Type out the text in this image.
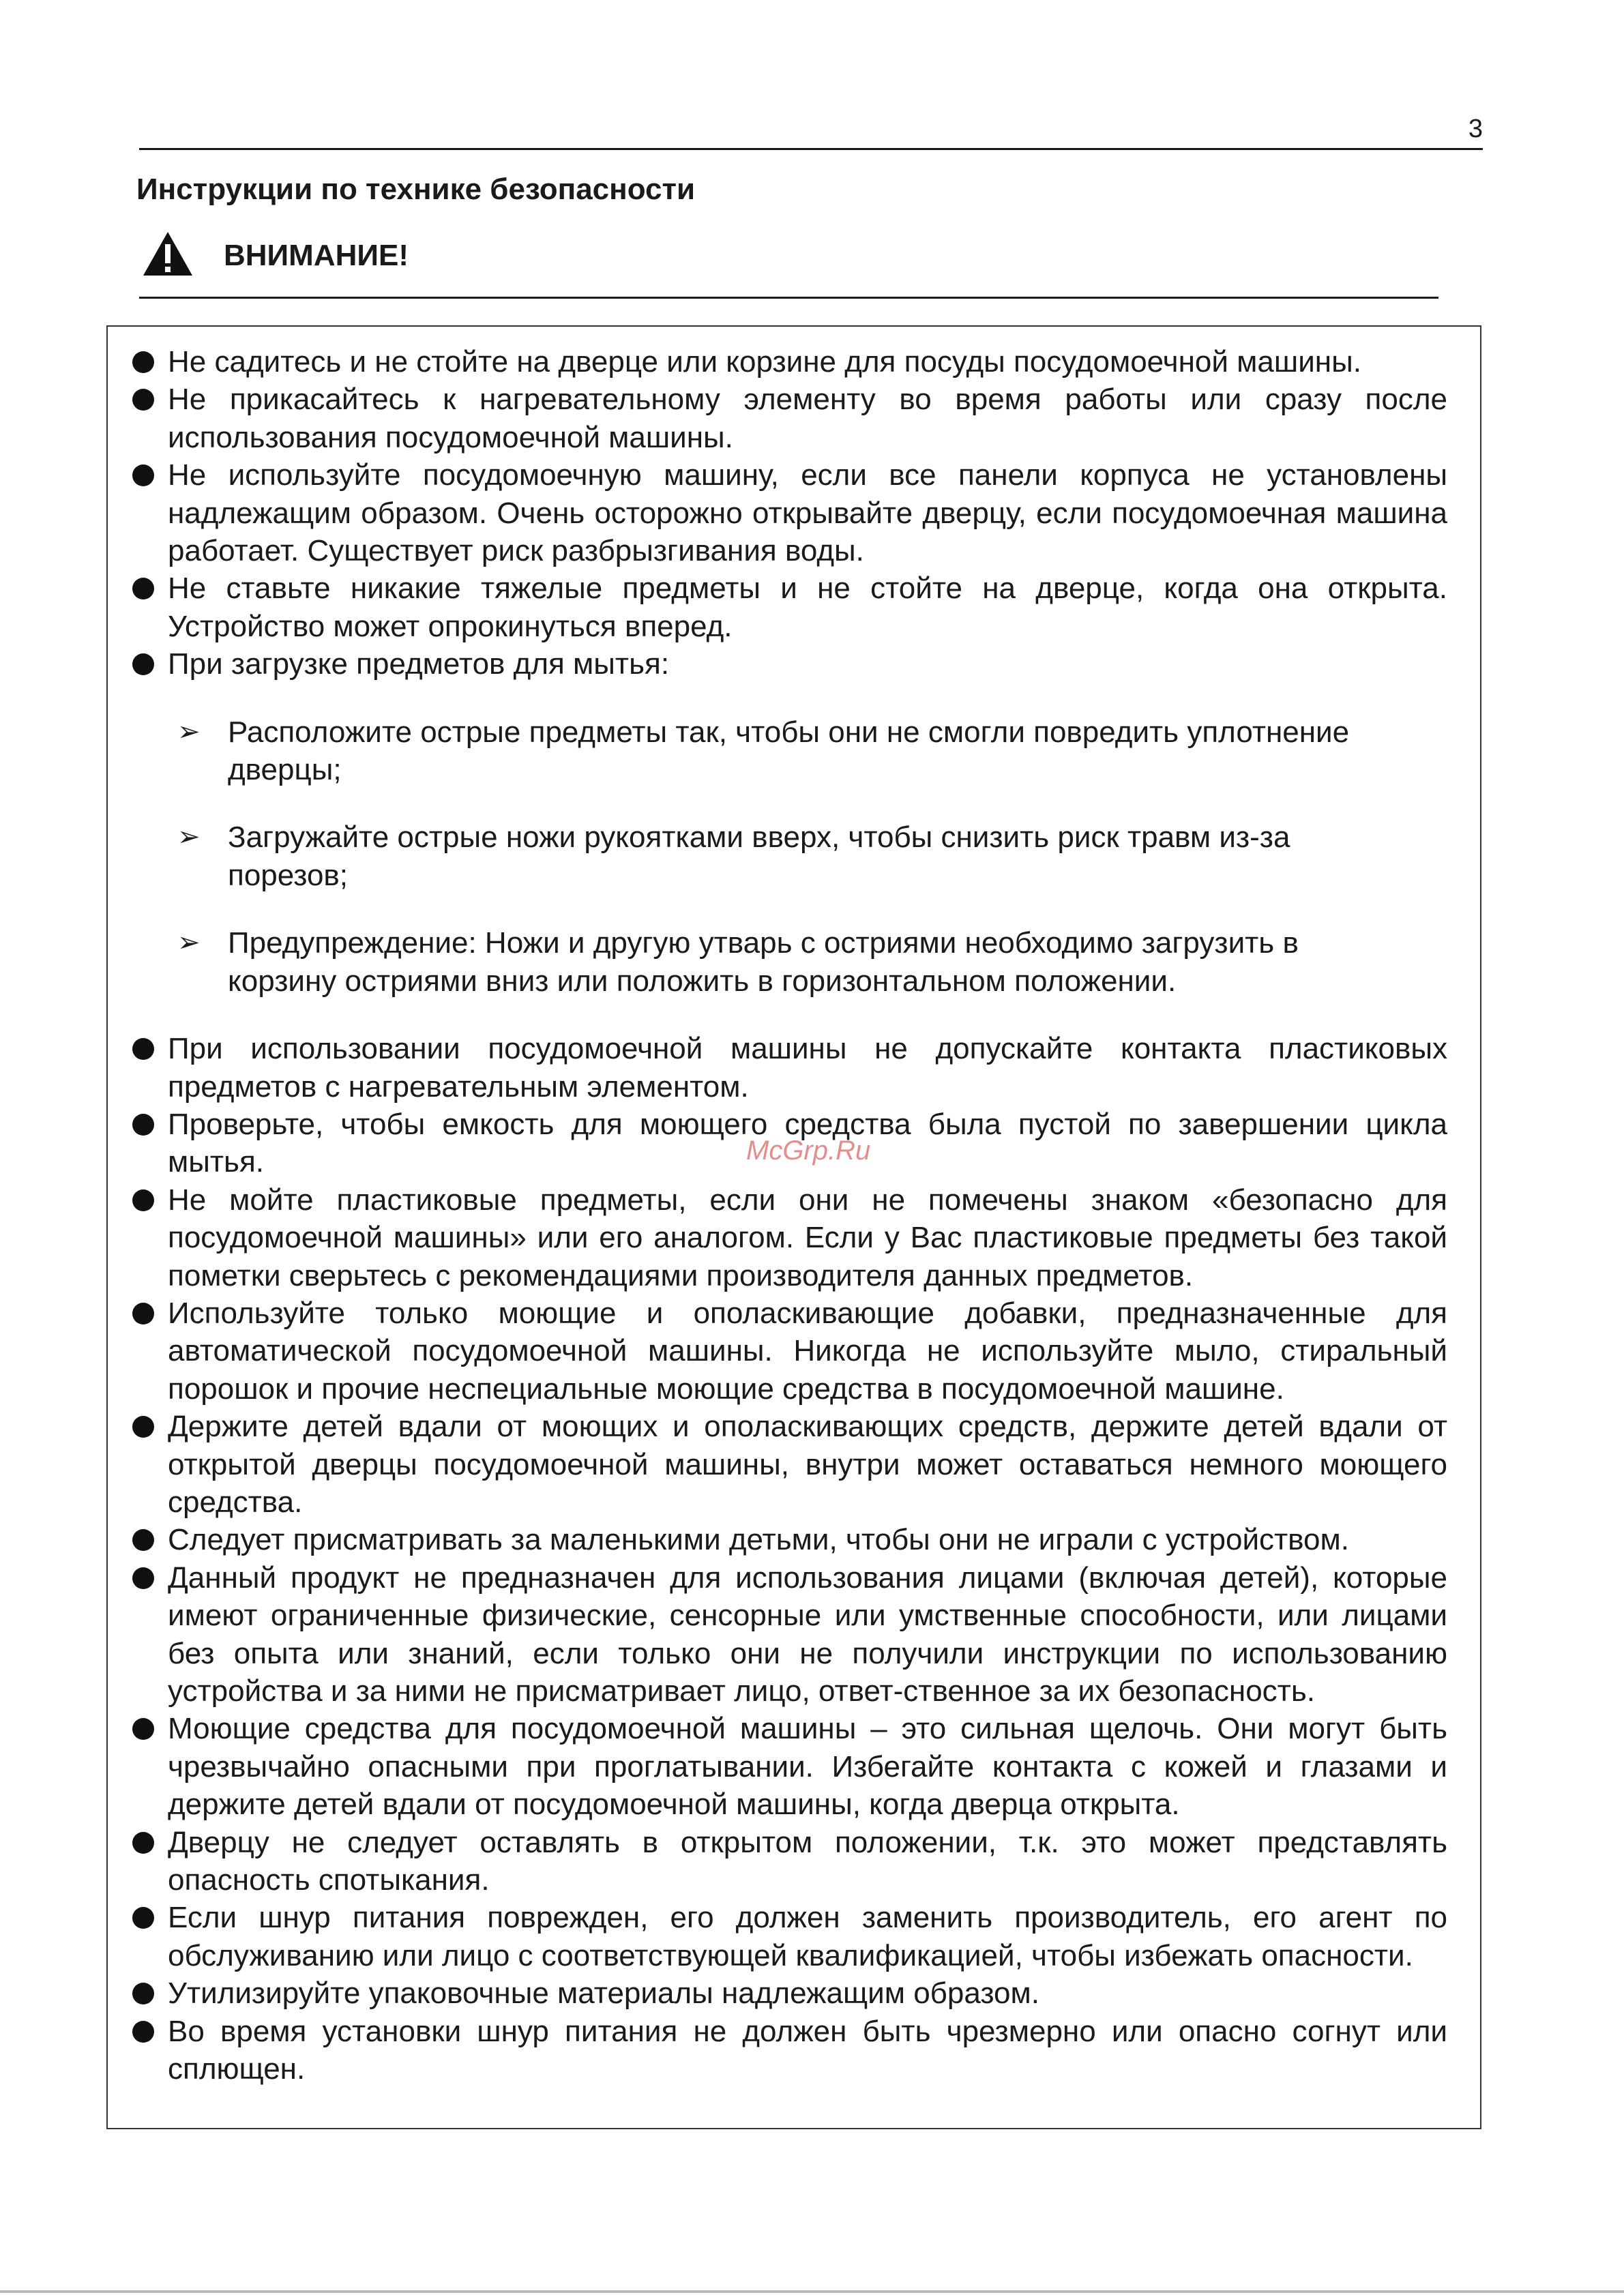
3
Инструкции по технике безопасности
ВНИМАНИЕ!

Не садитесь и не стойте на дверце или корзине для посуды посудомоечной машины.

Не прикасайтесь к нагревательному элементу во время работы или сразу после использования посудомоечной машины.

Не используйте посудомоечную машину, если все панели корпуса не установлены надлежащим образом. Очень осторожно открывайте дверцу, если посудомоечная машина работает. Существует риск разбрызгивания воды.

Не ставьте никакие тяжелые предметы и не стойте на дверце, когда она открыта. Устройство может опрокинуться вперед.

При загрузке предметов для мытья:

➢ Расположите острые предметы так, чтобы они не смогли повредить уплотнение дверцы;

➢ Загружайте острые ножи рукоятками вверх, чтобы снизить риск травм из-за порезов;

➢ Предупреждение: Ножи и другую утварь с остриями необходимо загрузить в корзину остриями вниз или положить в горизонтальном положении.

При использовании посудомоечной машины не допускайте контакта пластиковых предметов с нагревательным элементом.

Проверьте, чтобы емкость для моющего средства была пустой по завершении цикла мытья.

Не мойте пластиковые предметы, если они не помечены знаком «безопасно для посудомоечной машины» или его аналогом. Если у Вас пластиковые предметы без такой пометки сверьтесь с рекомендациями производителя данных предметов.

Используйте только моющие и ополаскивающие добавки, предназначенные для автоматической посудомоечной машины. Никогда не используйте мыло, стиральный порошок и прочие неспециальные моющие средства в посудомоечной машине.

Держите детей вдали от моющих и ополаскивающих средств, держите детей вдали от открытой дверцы посудомоечной машины, внутри может оставаться немного моющего средства.

Следует присматривать за маленькими детьми, чтобы они не играли с устройством.

Данный продукт не предназначен для использования лицами (включая детей), которые имеют ограниченные физические, сенсорные или умственные способности, или лицами без опыта или знаний, если только они не получили инструкции по использованию устройства и за ними не присматривает лицо, ответ-ственное за их безопасность.

Моющие средства для посудомоечной машины – это сильная щелочь. Они могут быть чрезвычайно опасными при проглатывании. Избегайте контакта с кожей и глазами и держите детей вдали от посудомоечной машины, когда дверца открыта.

Дверцу не следует оставлять в открытом положении, т.к. это может представлять опасность спотыкания.

Если шнур питания поврежден, его должен заменить производитель, его агент по обслуживанию или лицо с соответствующей квалификацией, чтобы избежать опасности.

Утилизируйте упаковочные материалы надлежащим образом.

Во время установки шнур питания не должен быть чрезмерно или опасно согнут или сплющен.

McGrp.Ru
